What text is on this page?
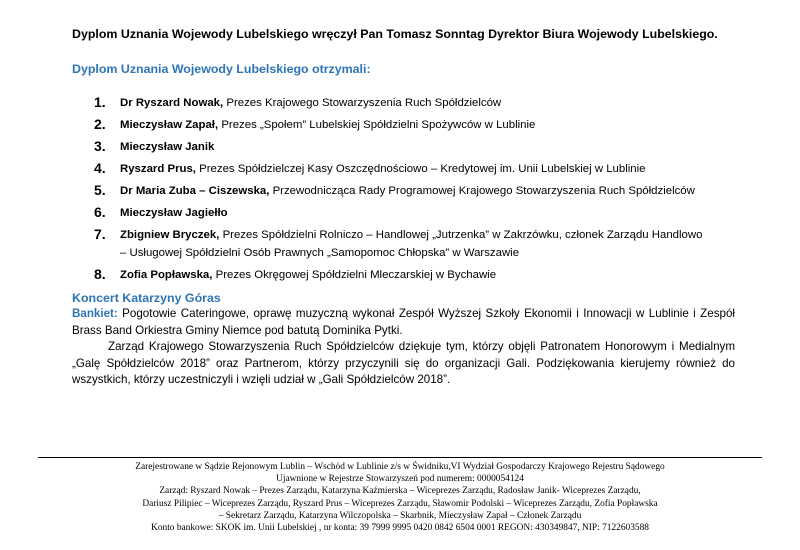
Dyplom Uznania Wojewody Lubelskiego wręczył Pan Tomasz Sonntag Dyrektor Biura Wojewody Lubelskiego.
Dyplom Uznania Wojewody Lubelskiego otrzymali:
1. Dr Ryszard Nowak, Prezes Krajowego Stowarzyszenia Ruch Spółdzielców
2. Mieczysław Zapał, Prezes „Społem” Lubelskiej Spółdzielni Spożywców w Lublinie
3. Mieczysław Janik
4. Ryszard Prus, Prezes Spółdzielczej Kasy Oszczędnościowo – Kredytowej im. Unii Lubelskiej w Lublinie
5. Dr Maria Zuba – Ciszewska, Przewodnicząca Rady Programowej Krajowego Stowarzyszenia Ruch Spółdzielców
6. Mieczysław Jagiełło
7. Zbigniew Bryczek, Prezes Spółdzielni Rolniczo – Handlowej „Jutrzenka” w Zakrzówku, członek Zarządu Handlowo
– Usługowej Spółdzielni Osób Prawnych „Samopomoc Chłopska” w Warszawie
8. Zofia Popławska, Prezes Okręgowej Spółdzielni Mleczarskiej w Bychawie
Koncert Katarzyny Góras

Bankiet: Pogotowie Cateringowe, oprawę muzyczną wykonał Zespół Wyższej Szkoły Ekonomii i Innowacji w Lublinie i Zespół Brass Band Orkiestra Gminy Niemce pod batutą Dominika Pytki.

Zarząd Krajowego Stowarzyszenia Ruch Spółdzielców dziękuje tym, którzy objęli Patronatem Honorowym i Medialnym „Galę Spółdzielców 2018” oraz Partnerom, którzy przyczynili się do organizacji Gali. Podziękowania kierujemy również do wszystkich, którzy uczestniczyli i wzięli udział w „Gali Spółdzielców 2018”.

Zarejestrowane w Sądzie Rejonowym Lublin – Wschód w Lublinie z/s w Świdniku,VI Wydział Gospodarczy Krajowego Rejestru Sądowego
Ujawnione w Rejestrze Stowarzyszeń pod numerem: 0000054124
Zarząd: Ryszard Nowak – Prezes Zarządu, Katarzyna Kaźmierska – Wiceprezes Zarządu, Radosław Janik- Wiceprezes Zarządu,
Dariusz Pilipiec – Wiceprezes Zarządu, Ryszard Prus – Wiceprezes Zarządu, Sławomir Podolski – Wiceprezes Zarządu, Zofia Popławska
– Sekretarz Zarządu, Katarzyna Wilczopolska – Skarbnik, Mieczysław Zapał – Członek Zarządu
Konto bankowe: SKOK im. Unii Lubelskiej , nr konta: 39 7999 9995 0420 0842 6504 0001 REGON: 430349847, NIP: 7122603588
